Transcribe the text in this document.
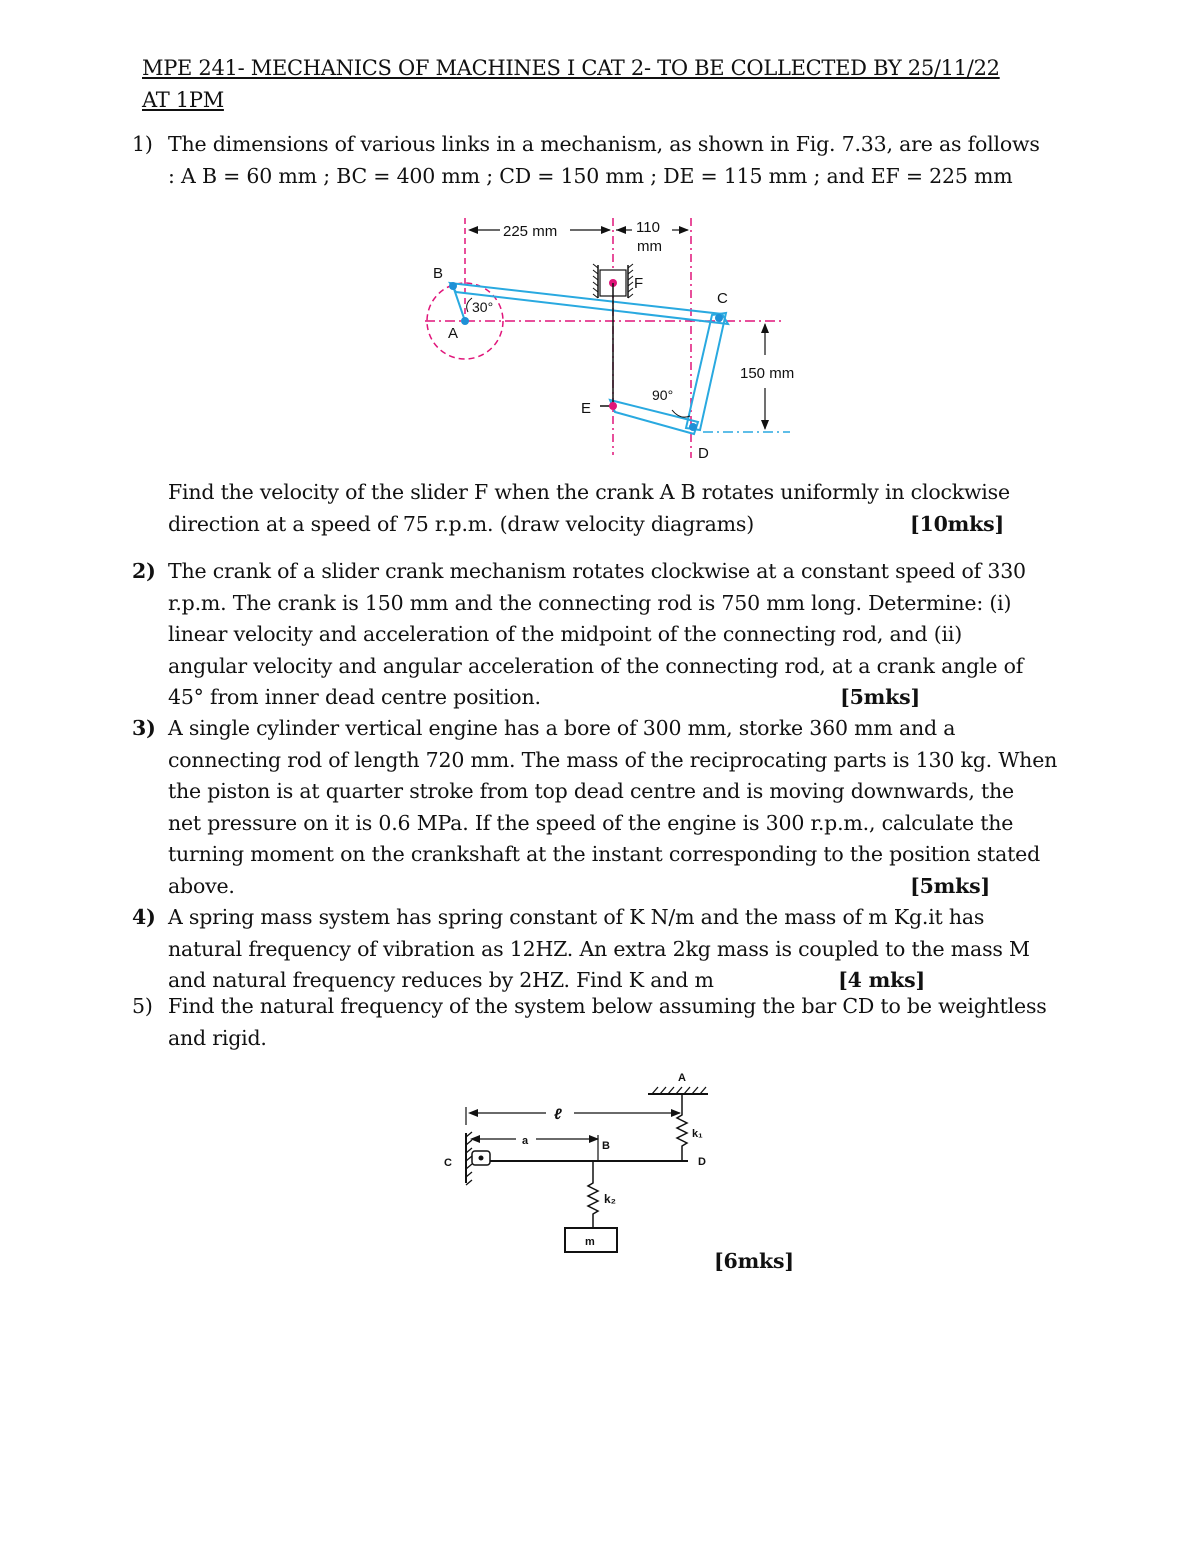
MPE 241- MECHANICS OF MACHINES I CAT 2- TO BE COLLECTED BY 25/11/22
AT 1PM
1) The dimensions of various links in a mechanism, as shown in Fig. 7.33, are as follows
: A B = 60 mm ; BC = 400 mm ; CD = 150 mm ; DE = 115 mm ; and EF = 225 mm
225 mm	110
mm
F
B
A
C
E
D
30°
90°
150 mm
Find the velocity of the slider F when the crank A B rotates uniformly in clockwise
direction at a speed of 75 r.p.m. (draw velocity diagrams)	[10mks]
2) The crank of a slider crank mechanism rotates clockwise at a constant speed of 330
r.p.m. The crank is 150 mm and the connecting rod is 750 mm long. Determine: (i)
linear velocity and acceleration of the midpoint of the connecting rod, and (ii)
angular velocity and angular acceleration of the connecting rod, at a crank angle of
45° from inner dead centre position.	[5mks]
3) A single cylinder vertical engine has a bore of 300 mm, storke 360 mm and a
connecting rod of length 720 mm. The mass of the reciprocating parts is 130 kg. When
the piston is at quarter stroke from top dead centre and is moving downwards, the
net pressure on it is 0.6 MPa. If the speed of the engine is 300 r.p.m., calculate the
turning moment on the crankshaft at the instant corresponding to the position stated
above.	[5mks]
4) A spring mass system has spring constant of K N/m and the mass of m Kg.it has
natural frequency of vibration as 12HZ. An extra 2kg mass is coupled to the mass M
and natural frequency reduces by 2HZ. Find K and m	[4 mks]
5) Find the natural frequency of the system below assuming the bar CD to be weightless
and rigid.
A
k₁
C	D
ℓ
a	B
k₂
m
[6mks]
